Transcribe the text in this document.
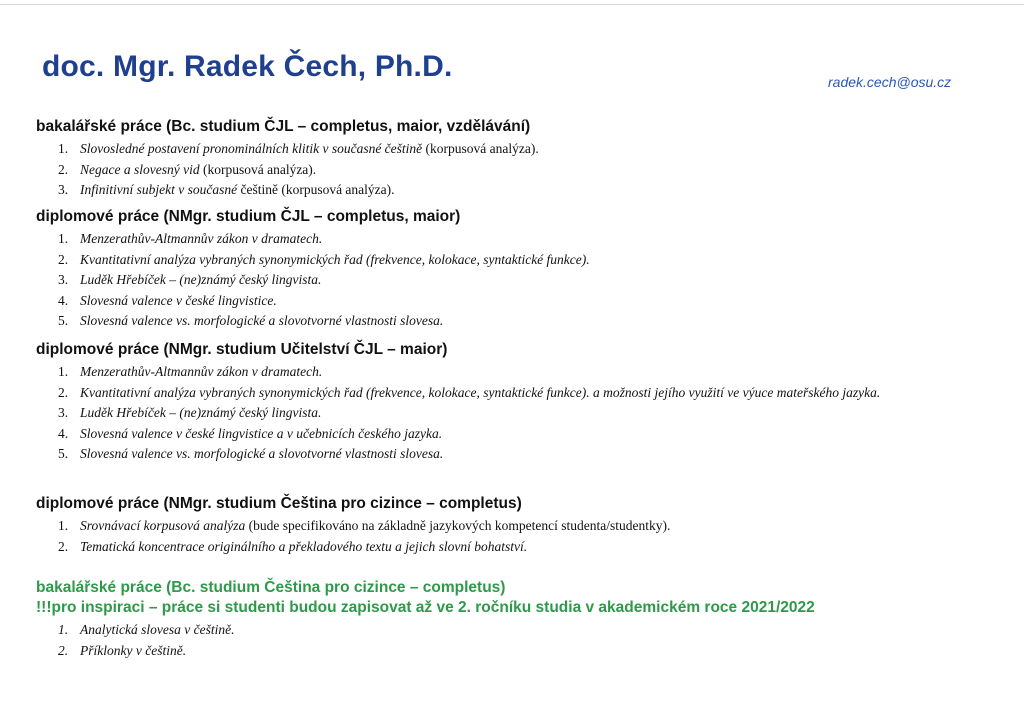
doc. Mgr. Radek Čech, Ph.D.	radek.cech@osu.cz
bakalářské práce (Bc. studium ČJL – completus, maior, vzdělávání)
1. Slovosledné postavení pronominálních klitik v současné češtině (korpusová analýza).
2. Negace a slovesný vid (korpusová analýza).
3. Infinitivní subjekt v současné češtině (korpusová analýza).
diplomové práce (NMgr. studium ČJL – completus, maior)
1. Menzerathův-Altmannův zákon v dramatech.
2. Kvantitativní analýza vybraných synonymických řad (frekvence, kolokace, syntaktické funkce).
3. Luděk Hřebíček – (ne)známý český lingvista.
4. Slovesná valence v české lingvistice.
5. Slovesná valence vs. morfologické a slovotvorné vlastnosti slovesa.
diplomové práce (NMgr. studium Učitelství ČJL – maior)
1. Menzerathův-Altmannův zákon v dramatech.
2. Kvantitativní analýza vybraných synonymických řad (frekvence, kolokace, syntaktické funkce). a možnosti jejího využití ve výuce mateřského jazyka.
3. Luděk Hřebíček – (ne)známý český lingvista.
4. Slovesná valence v české lingvistice a v učebnicích českého jazyka.
5. Slovesná valence vs. morfologické a slovotvorné vlastnosti slovesa.
diplomové práce (NMgr. studium Čeština pro cizince – completus)
1. Srovnávací korpusová analýza (bude specifikováno na základně jazykových kompetencí studenta/studentky).
2. Tematická koncentrace originálního a překladového textu a jejich slovní bohatství.
bakalářské práce (Bc. studium Čeština pro cizince – completus)
!!!pro inspiraci – práce si studenti budou zapisovat až ve 2. ročníku studia v akademickém roce 2021/2022
1. Analytická slovesa v češtině.
2. Příklonky v češtině.
